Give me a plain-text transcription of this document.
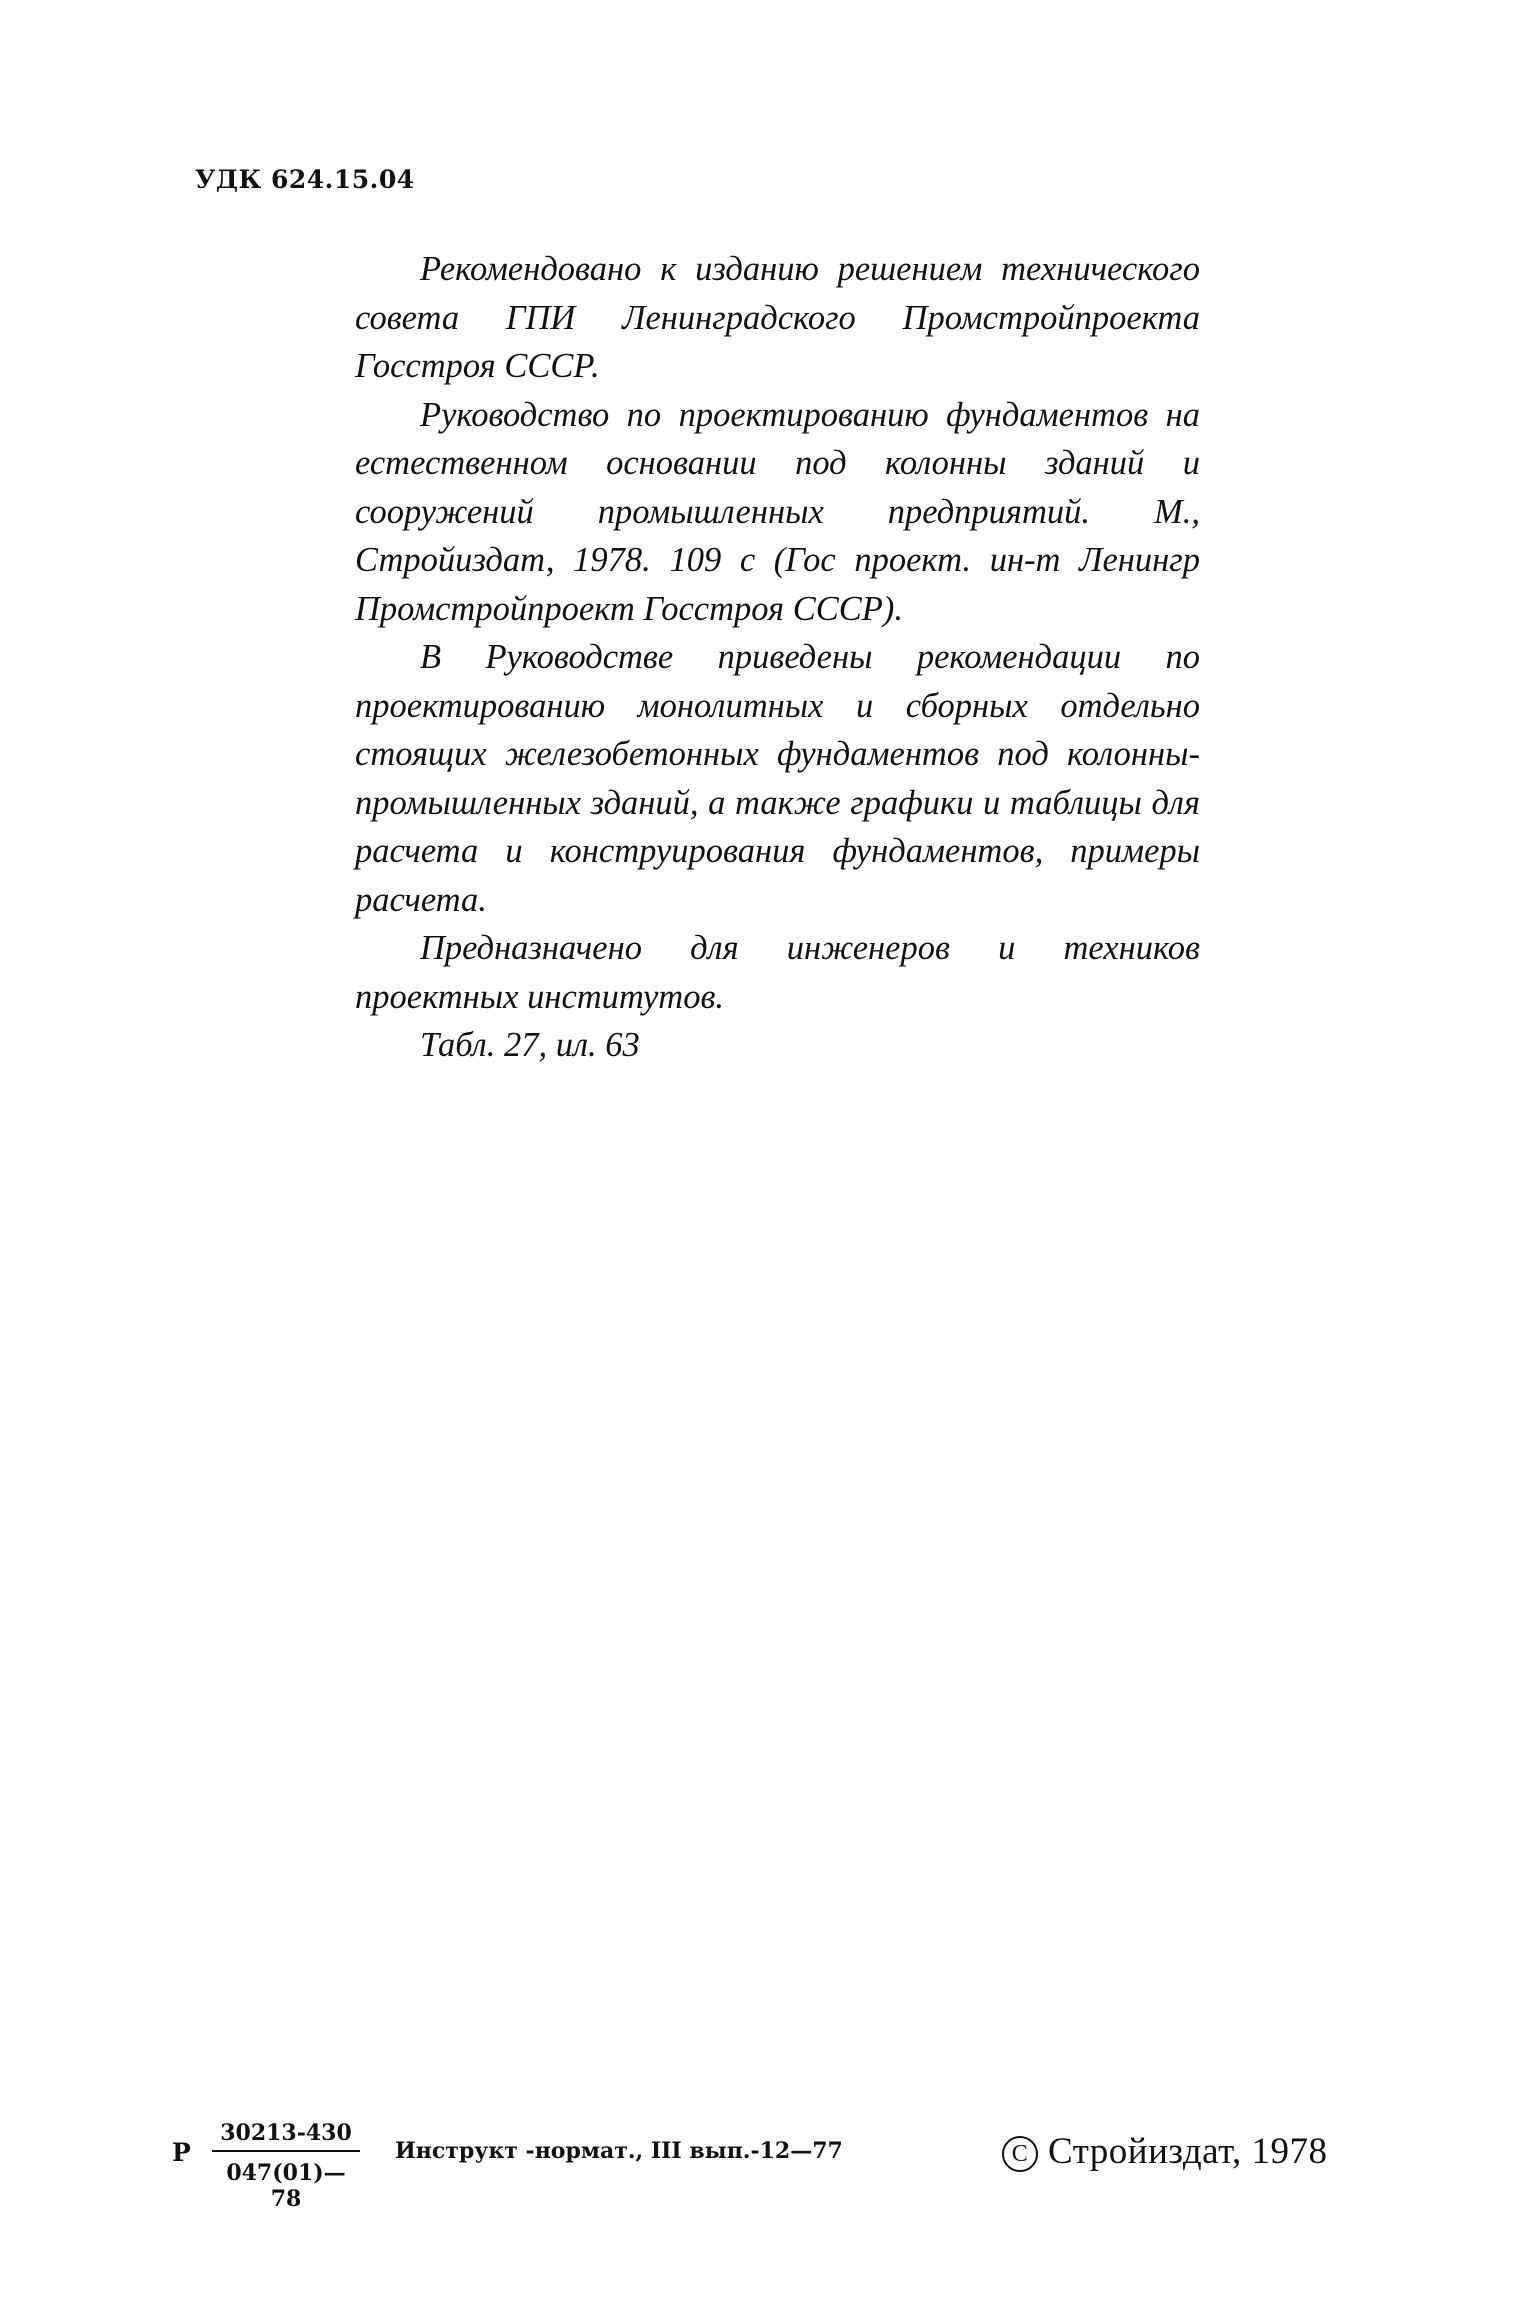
УДК 624.15.04

Рекомендовано к изданию решением технического совета ГПИ Ленинградского Промстройпроекта Госстроя СССР.

Руководство по проектированию фундаментов на естественном основании под колонны зданий и сооружений промышленных предприятий. М., Стройиздат, 1978. 109 с (Гос проект. ин-т Ленингр Промстройпроект Госстроя СССР).

В Руководстве приведены рекомендации по проектированию монолитных и сборных отдельно стоящих железобетонных фундаментов под колонны-промышленных зданий, а также графики и таблицы для расчета и конструирования фундаментов, примеры расчета.

Предназначено для инженеров и техников проектных институтов.

Табл. 27, ил. 63

Р $\frac{30213-430}{047(01)—78}$ Инструкт -нормат., III вып.-12—77	C Стройиздат, 1978
